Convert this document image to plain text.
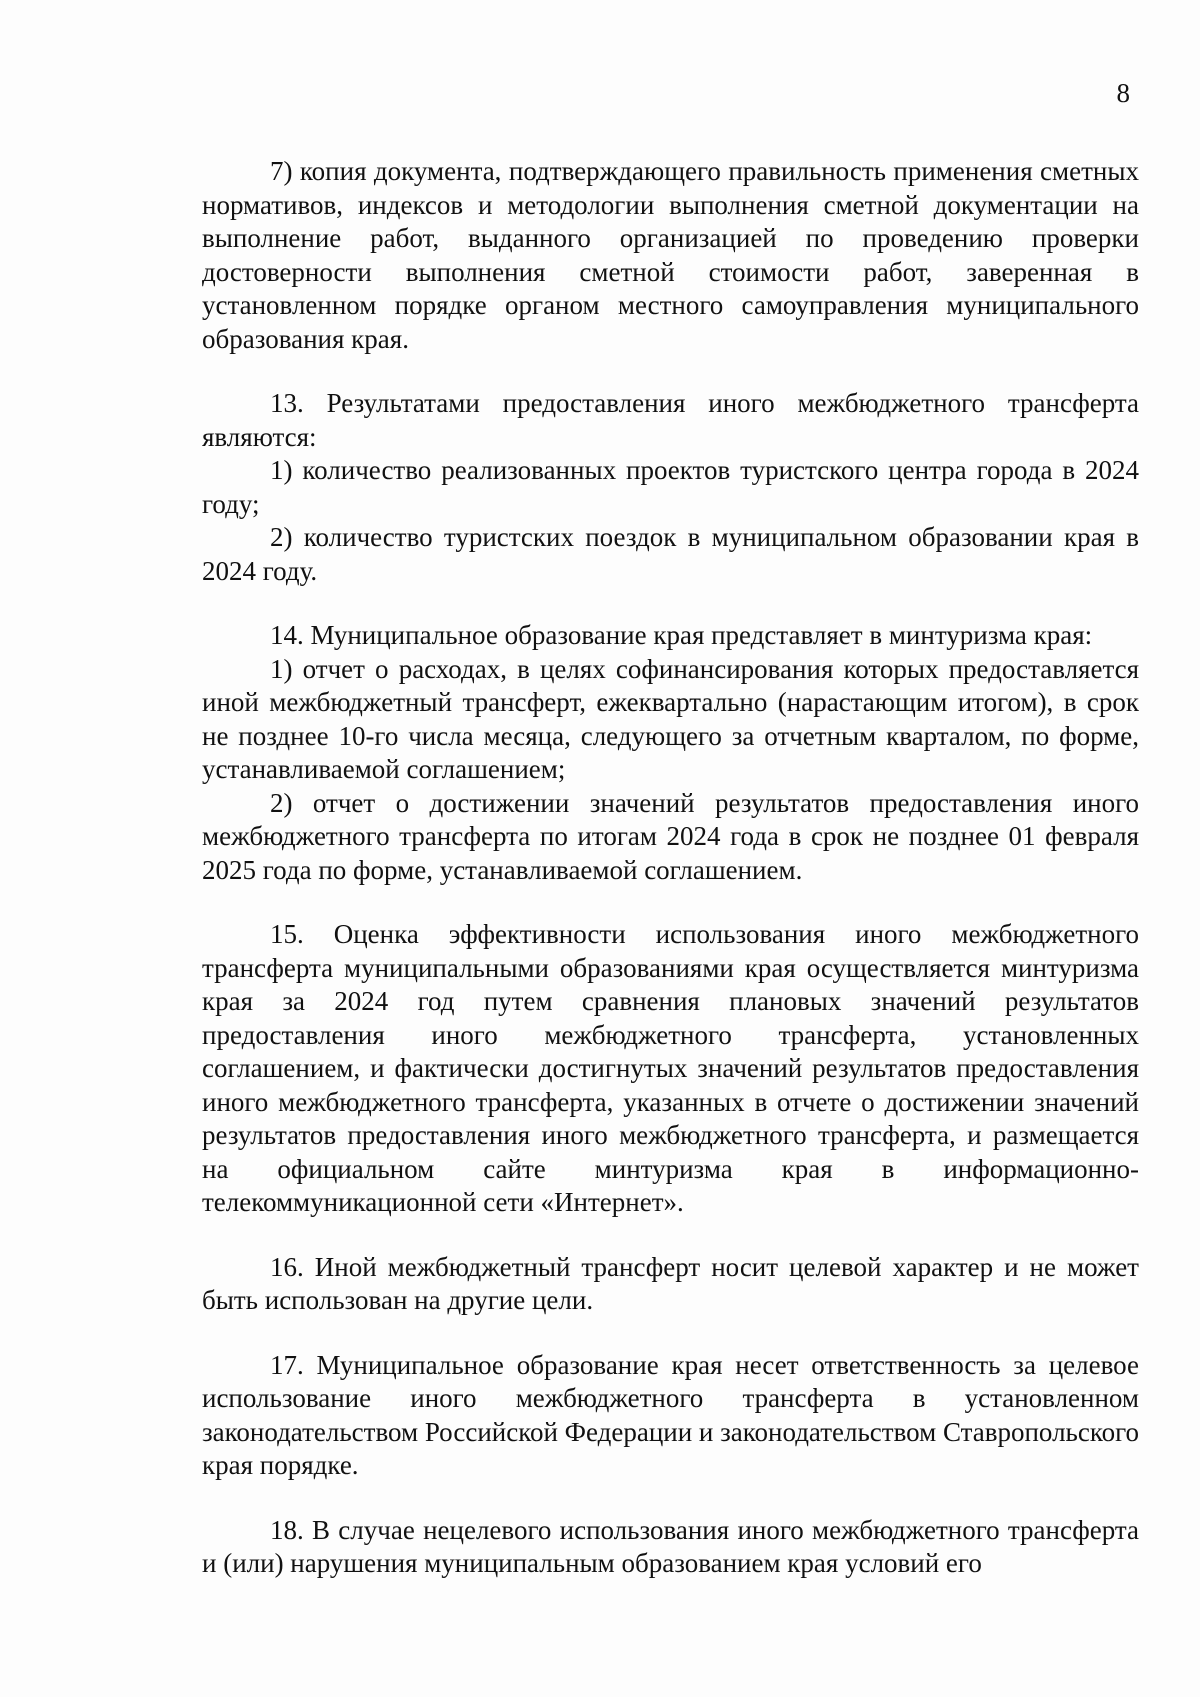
8

7) копия документа, подтверждающего правильность применения сметных нормативов, индексов и методологии выполнения сметной документации на выполнение работ, выданного организацией по проведению проверки достоверности выполнения сметной стоимости работ, заверенная в установленном порядке органом местного самоуправления муниципального образования края.

13. Результатами предоставления иного межбюджетного трансферта являются:

1) количество реализованных проектов туристского центра города в 2024 году;

2) количество туристских поездок в муниципальном образовании края в 2024 году.

14. Муниципальное образование края представляет в минтуризма края:

1) отчет о расходах, в целях софинансирования которых предоставляется иной межбюджетный трансферт, ежеквартально (нарастающим итогом), в срок не позднее 10-го числа месяца, следующего за отчетным кварталом, по форме, устанавливаемой соглашением;

2) отчет о достижении значений результатов предоставления иного межбюджетного трансферта по итогам 2024 года в срок не позднее 01 февраля 2025 года по форме, устанавливаемой соглашением.

15. Оценка эффективности использования иного межбюджетного трансферта муниципальными образованиями края осуществляется минтуризма края за 2024 год путем сравнения плановых значений результатов предоставления иного межбюджетного трансферта, установленных соглашением, и фактически достигнутых значений результатов предоставления иного межбюджетного трансферта, указанных в отчете о достижении значений результатов предоставления иного межбюджетного трансферта, и размещается на официальном сайте минтуризма края в информационно-телекоммуникационной сети «Интернет».

16. Иной межбюджетный трансферт носит целевой характер и не может быть использован на другие цели.

17. Муниципальное образование края несет ответственность за целевое использование иного межбюджетного трансферта в установленном законодательством Российской Федерации и законодательством Ставропольского края порядке.

18. В случае нецелевого использования иного межбюджетного трансферта и (или) нарушения муниципальным образованием края условий его
